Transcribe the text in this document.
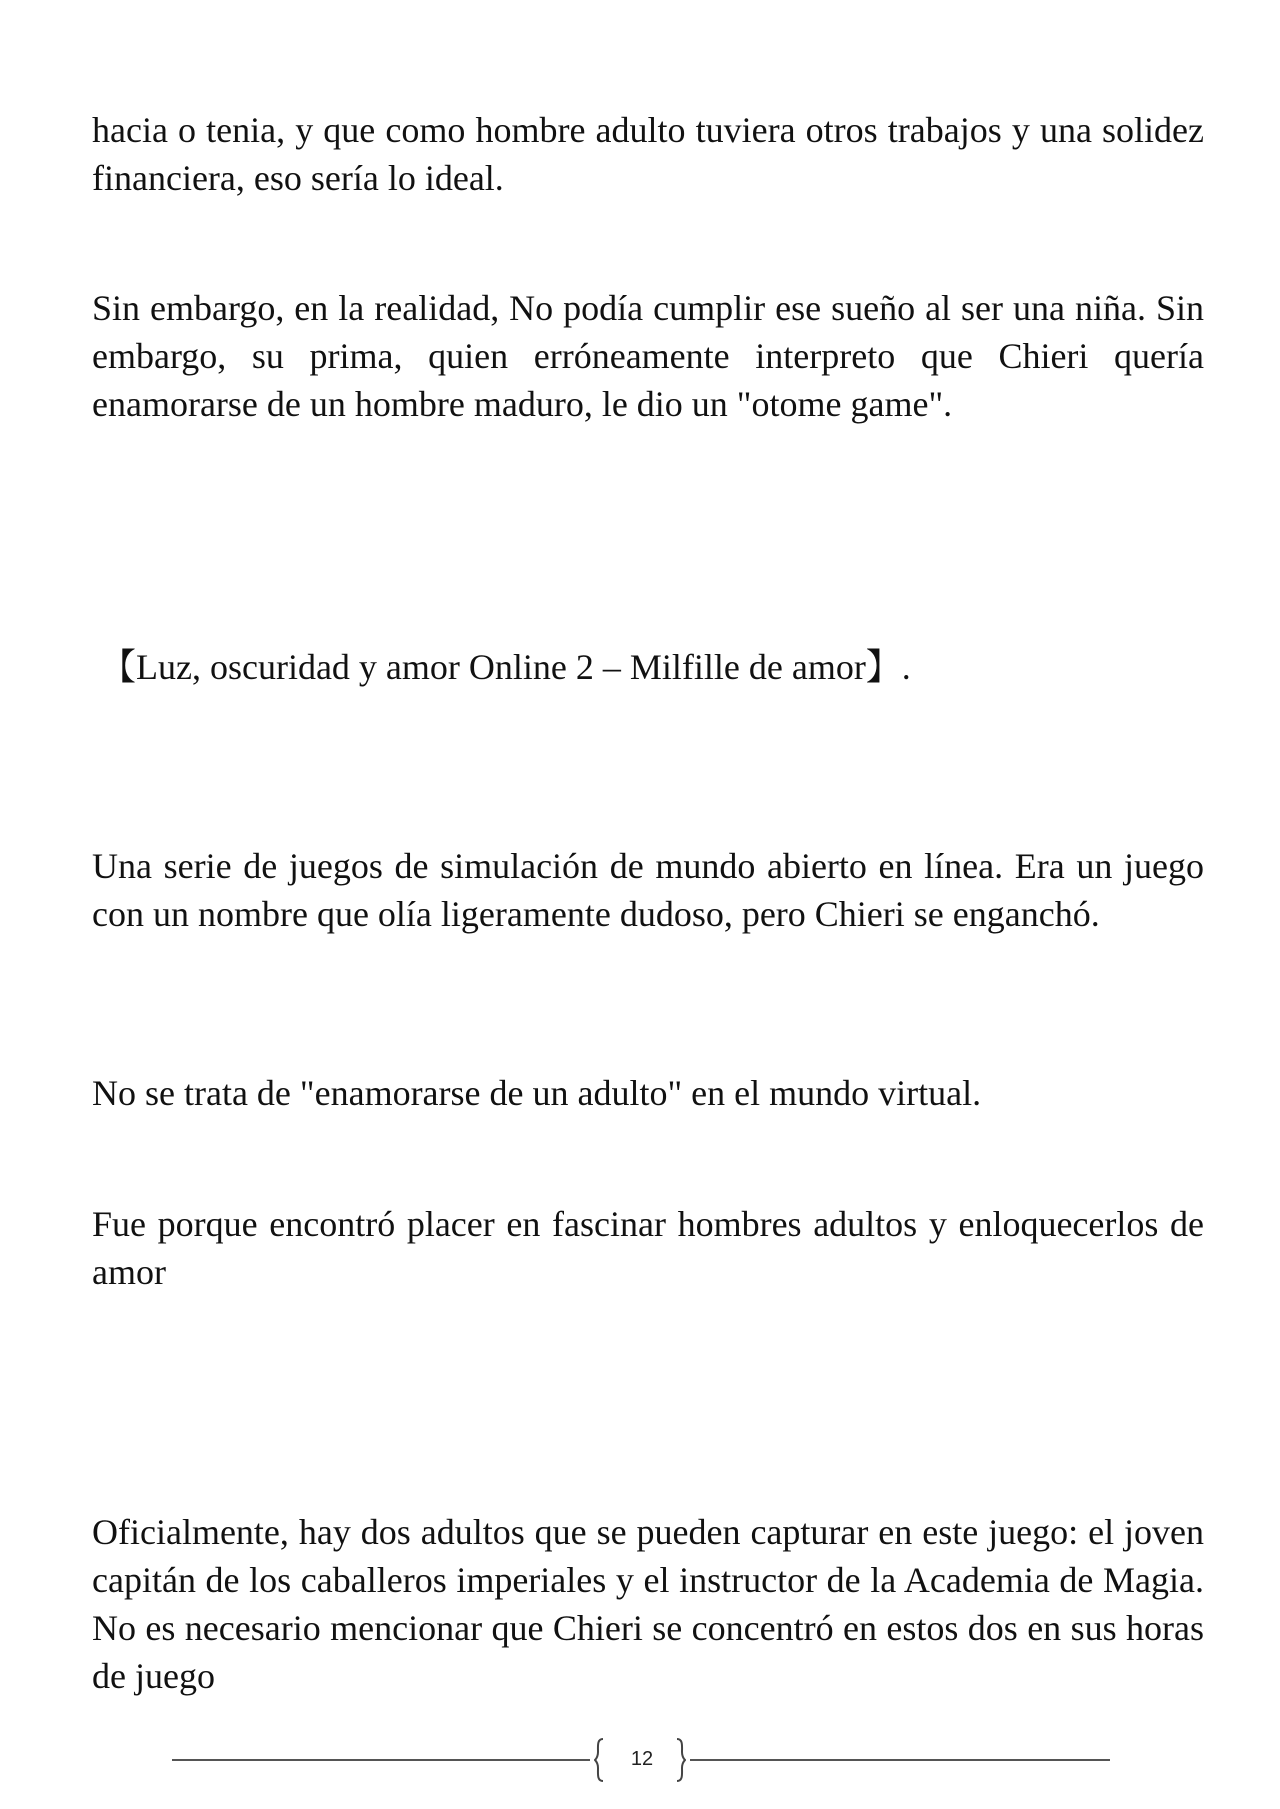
hacia o tenia, y que como hombre adulto tuviera otros trabajos y una solidez financiera, eso sería lo ideal.

Sin embargo, en la realidad, No podía cumplir ese sueño al ser una niña. Sin embargo, su prima, quien erróneamente interpreto que Chieri quería enamorarse de un hombre maduro, le dio un "otome game".

【Luz, oscuridad y amor Online 2 – Milfille de amor】.

Una serie de juegos de simulación de mundo abierto en línea. Era un juego con un nombre que olía ligeramente dudoso, pero Chieri se enganchó.

No se trata de "enamorarse de un adulto" en el mundo virtual.

Fue porque encontró placer en fascinar hombres adultos y enloquecerlos de amor

Oficialmente, hay dos adultos que se pueden capturar en este juego: el joven capitán de los caballeros imperiales y el instructor de la Academia de Magia. No es necesario mencionar que Chieri se concentró en estos dos en sus horas de juego

12
